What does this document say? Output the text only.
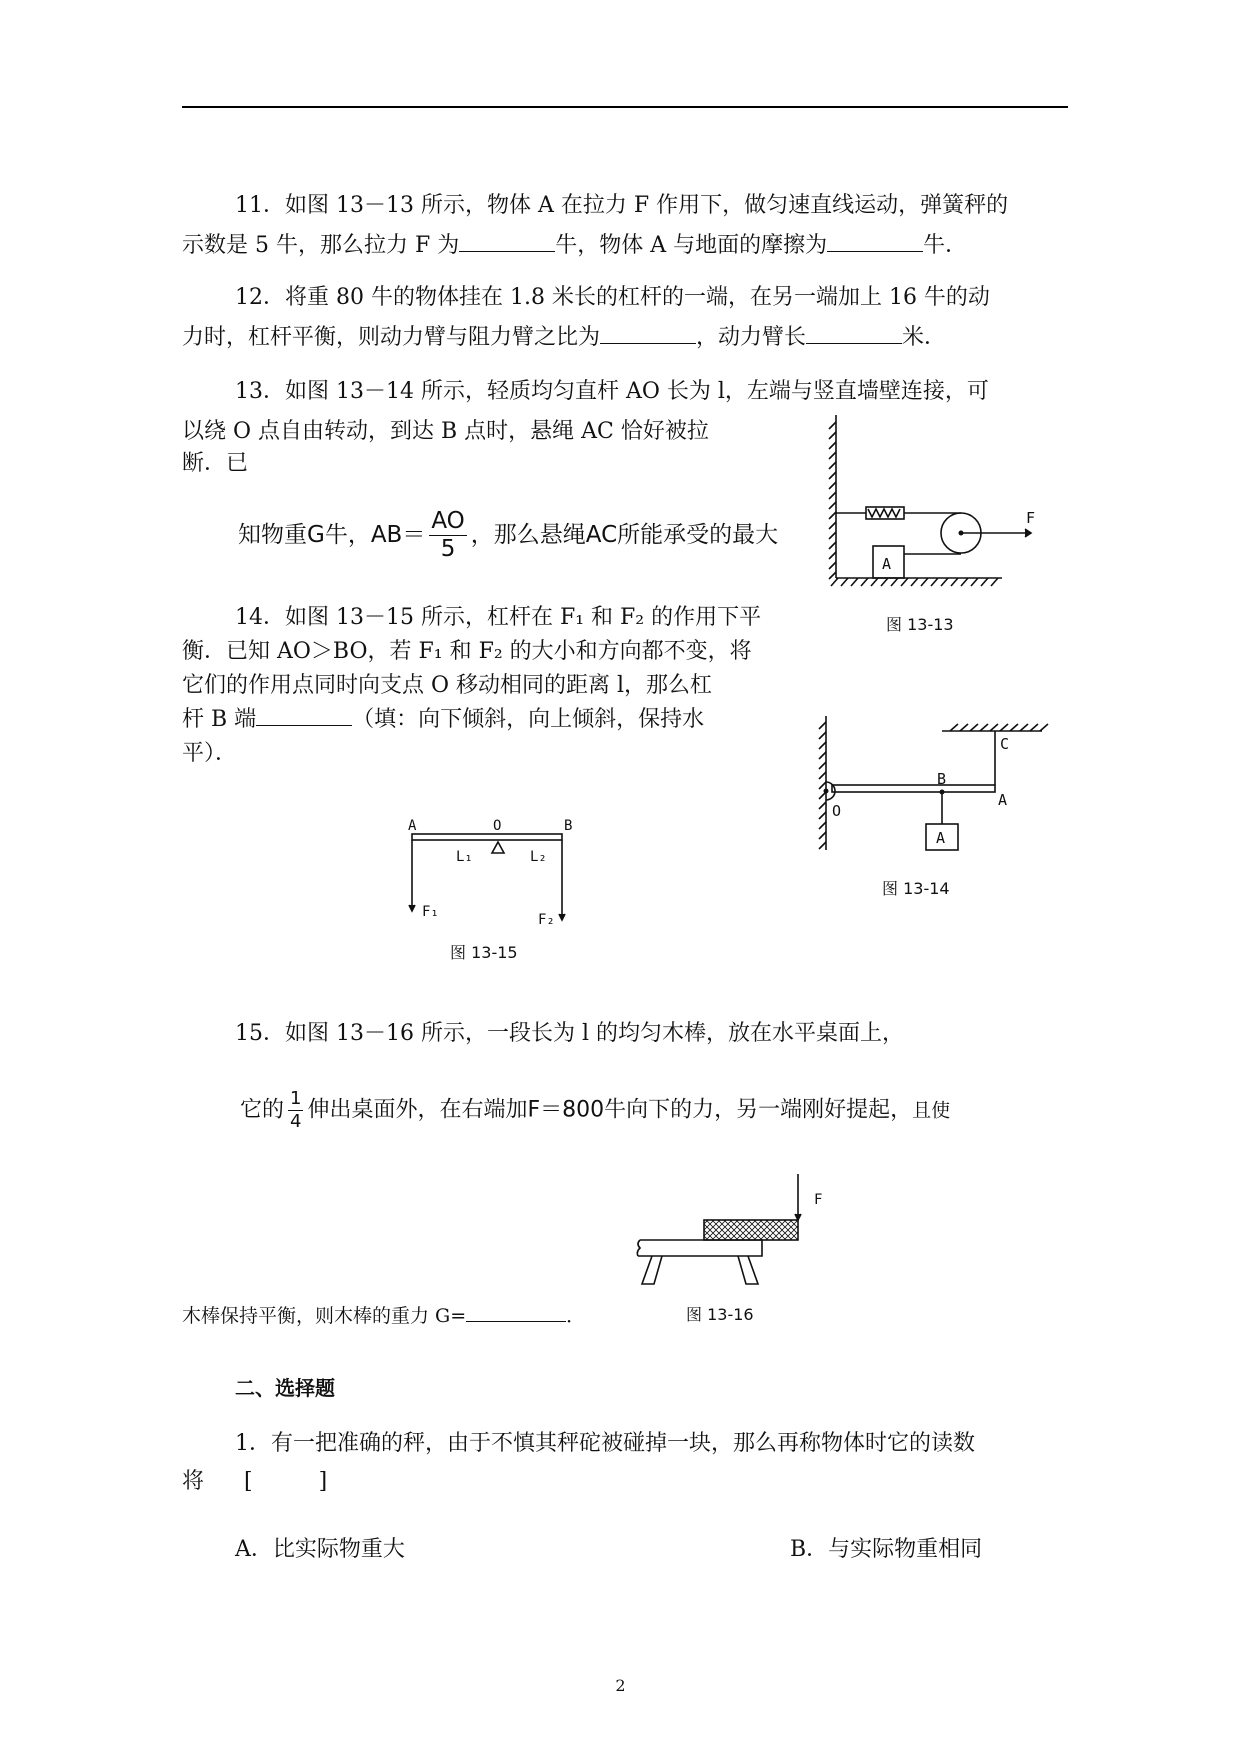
11．如图 13－13 所示，物体 A 在拉力 F 作用下，做匀速直线运动，弹簧秤的
示数是 5 牛，那么拉力 F 为	牛，物体 A 与地面的摩擦为	牛．
12．将重 80 牛的物体挂在 1.8 米长的杠杆的一端，在另一端加上 16 牛的动
力时，杠杆平衡，则动力臂与阻力臂之比为	，动力臂长	米．
13．如图 13－14 所示，轻质均匀直杆 AO 长为 l，左端与竖直墙壁连接，可
以绕 O 点自由转动，到达 B 点时，悬绳 AC 恰好被拉
断．已
知物重G牛，$AB= \frac{AO}{5}$ ，那么悬绳AC所能承受的最大
A
F
图 13-13
14．如图 13－15 所示，杠杆在 F₁ 和 F₂ 的作用下平
衡．已知 AO＞BO，若 F₁ 和 F₂ 的大小和方向都不变，将
它们的作用点同时向支点 O 移动相同的距离 l，那么杠
杆 B 端	（填：向下倾斜，向上倾斜，保持水
平）．
O
B
A
C
A
图 13-14
A	O	B
L₁	L₂
F₁	F₂
图 13-15
15．如图 13－16 所示，一段长为 l 的均匀木棒，放在水平桌面上，
它的 $\frac{1}{4}$ 伸出桌面外，在右端加F＝800牛向下的力，另一端刚好提起，且使
F
图 13-16
木棒保持平衡，则木棒的重力 G=	．
二、选择题
1．有一把准确的秤，由于不慎其秤砣被碰掉一块，那么再称物体时它的读数
将 [　　　]
A．比实际物重大	B．与实际物重相同
2
